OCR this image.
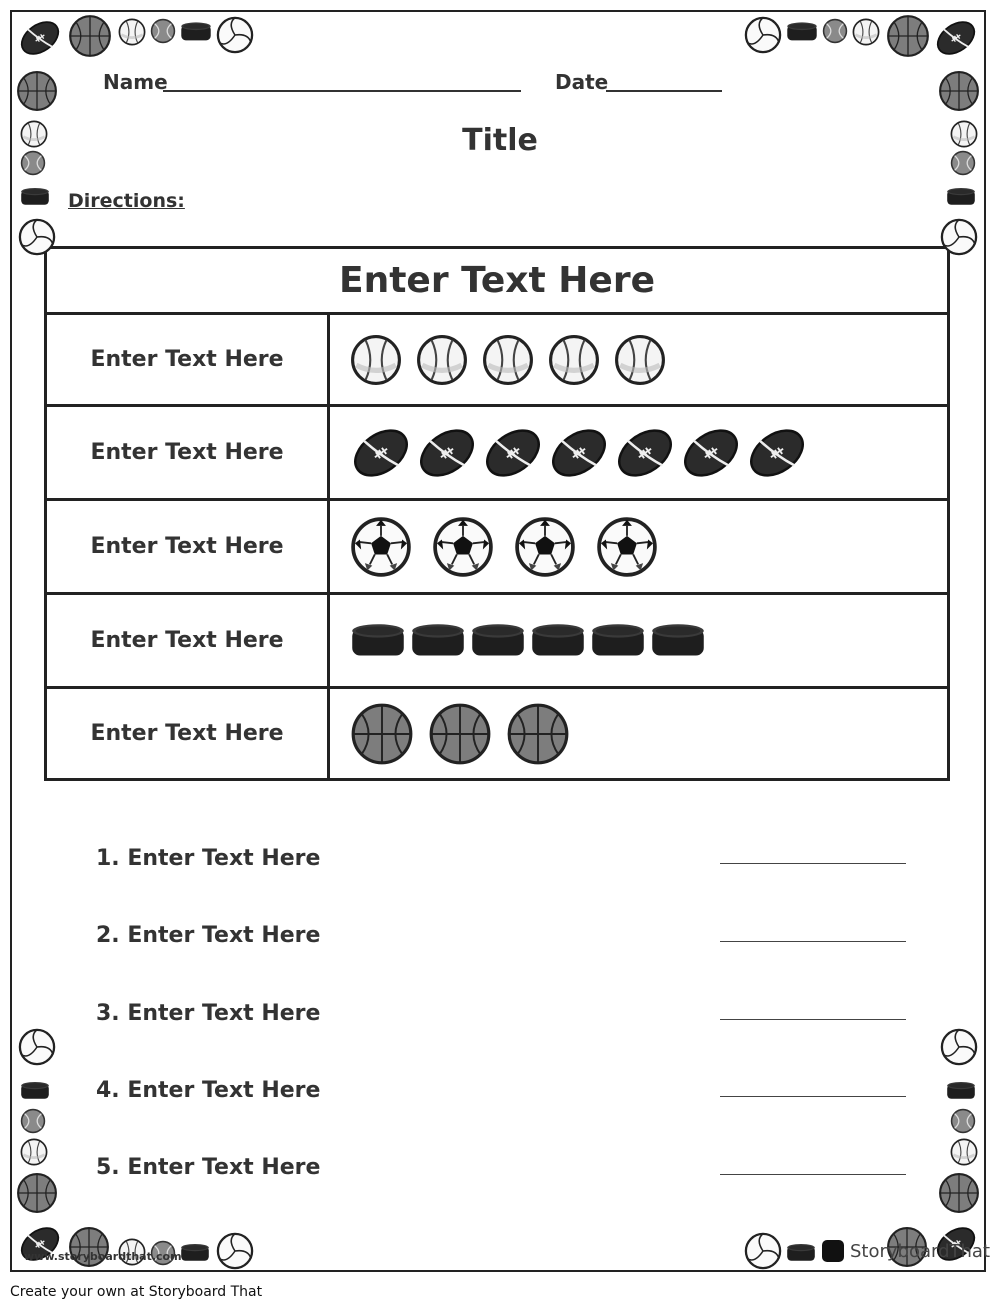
Name	Date
Title
Directions:
Enter Text Here
Enter Text Here
Enter Text Here
Enter Text Here
Enter Text Here
Enter Text Here
1. Enter Text Here
2. Enter Text Here
3. Enter Text Here
4. Enter Text Here
5. Enter Text Here
www.storyboardthat.com	StoryboardThat
Create your own at Storyboard That
